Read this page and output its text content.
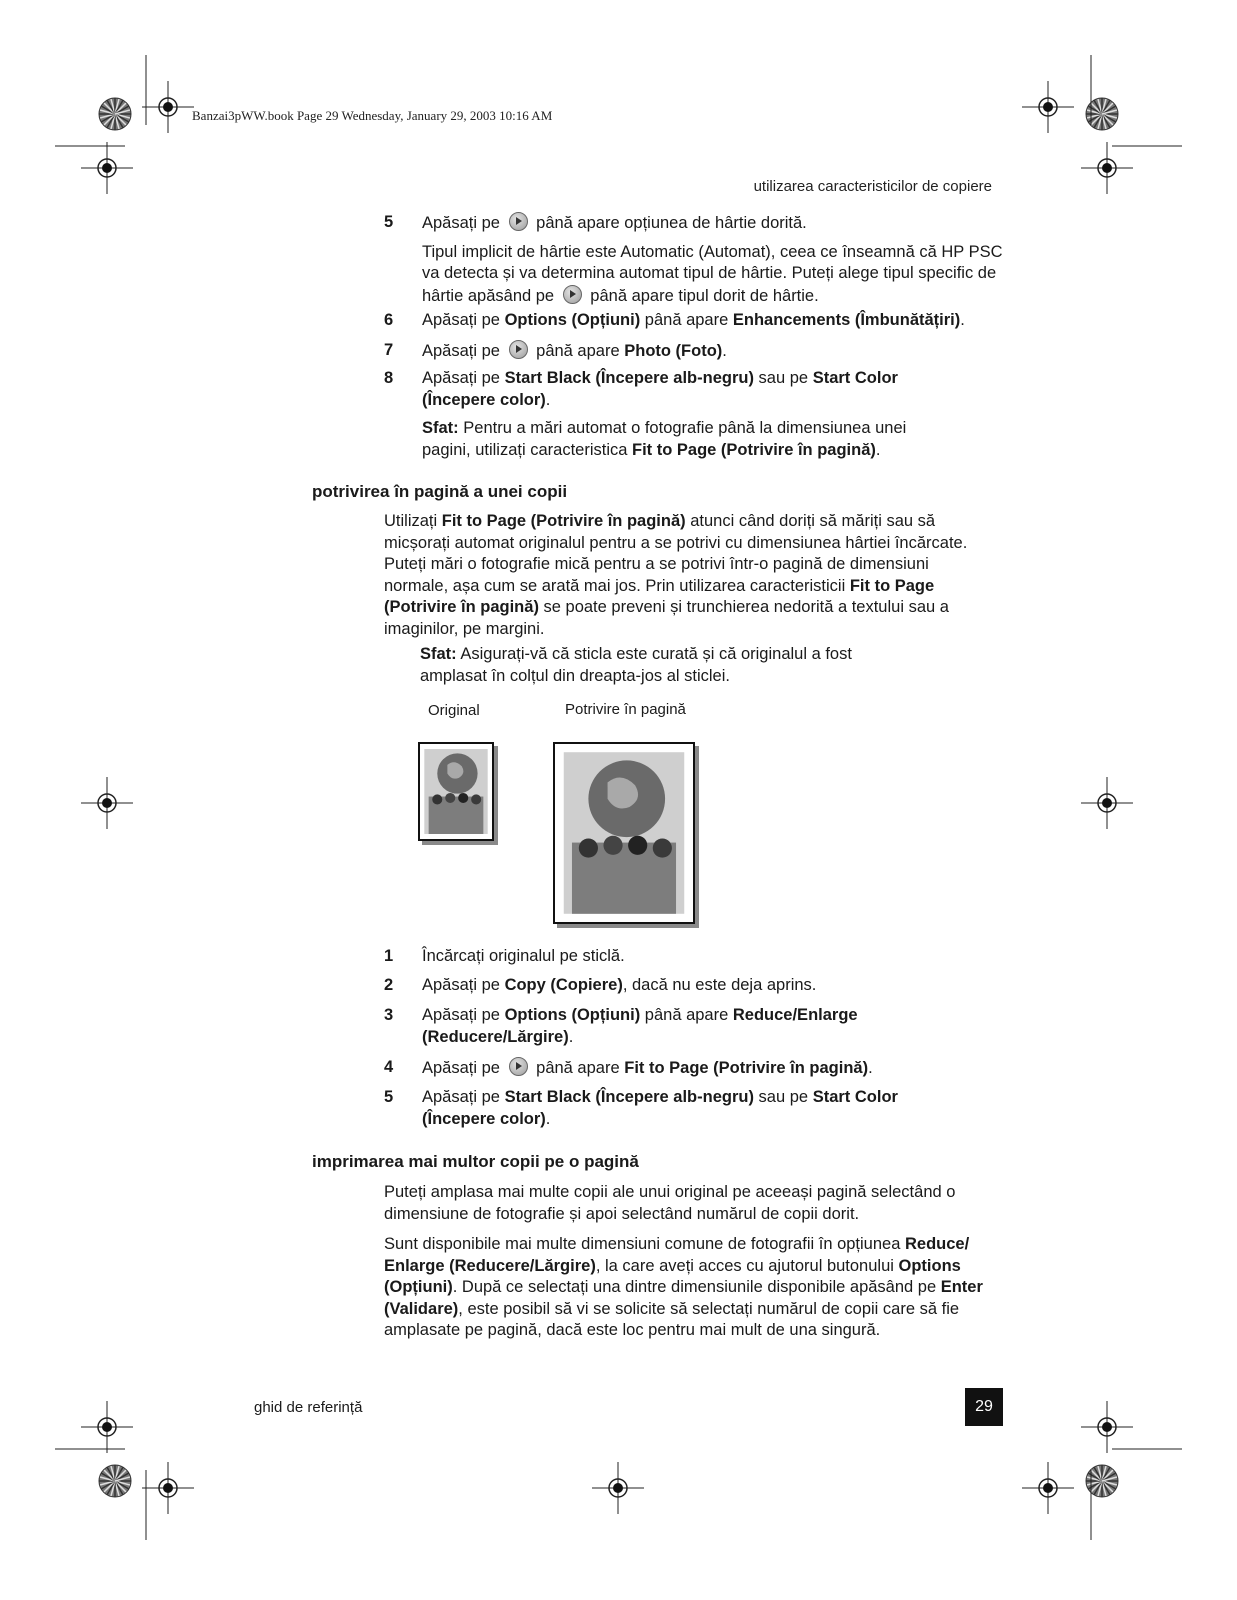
Banzai3pWW.book Page 29 Wednesday, January 29, 2003 10:16 AM
utilizarea caracteristicilor de copiere
5 Apăsați pe  până apare opțiunea de hârtie dorită.
Tipul implicit de hârtie este Automatic (Automat), ceea ce înseamnă că HP PSC va detecta și va determina automat tipul de hârtie. Puteți alege tipul specific de hârtie apăsând pe  până apare tipul dorit de hârtie.
6 Apăsați pe Options (Opțiuni) până apare Enhancements (Îmbunătățiri).
7 Apăsați pe  până apare Photo (Foto).
8 Apăsați pe Start Black (Începere alb-negru) sau pe Start Color (Începere color).
Sfat: Pentru a mări automat o fotografie până la dimensiunea unei pagini, utilizați caracteristica Fit to Page (Potrivire în pagină).
potrivirea în pagină a unei copii
Utilizați Fit to Page (Potrivire în pagină) atunci când doriți să măriți sau să micșorați automat originalul pentru a se potrivi cu dimensiunea hârtiei încărcate. Puteți mări o fotografie mică pentru a se potrivi într-o pagină de dimensiuni normale, așa cum se arată mai jos. Prin utilizarea caracteristicii Fit to Page (Potrivire în pagină) se poate preveni și trunchierea nedorită a textului sau a imaginilor, pe margini.
Sfat: Asigurați-vă că sticla este curată și că originalul a fost amplasat în colțul din dreapta-jos al sticlei.
Original	Potrivire în pagină
1 Încărcați originalul pe sticlă.
2 Apăsați pe Copy (Copiere), dacă nu este deja aprins.
3 Apăsați pe Options (Opțiuni) până apare Reduce/Enlarge (Reducere/Lărgire).
4 Apăsați pe  până apare Fit to Page (Potrivire în pagină).
5 Apăsați pe Start Black (Începere alb-negru) sau pe Start Color (Începere color).
imprimarea mai multor copii pe o pagină
Puteți amplasa mai multe copii ale unui original pe aceeași pagină selectând o dimensiune de fotografie și apoi selectând numărul de copii dorit.
Sunt disponibile mai multe dimensiuni comune de fotografii în opțiunea Reduce/ Enlarge (Reducere/Lărgire), la care aveți acces cu ajutorul butonului Options (Opțiuni). După ce selectați una dintre dimensiunile disponibile apăsând pe Enter (Validare), este posibil să vi se solicite să selectați numărul de copii care să fie amplasate pe pagină, dacă este loc pentru mai mult de una singură.
ghid de referință	29
